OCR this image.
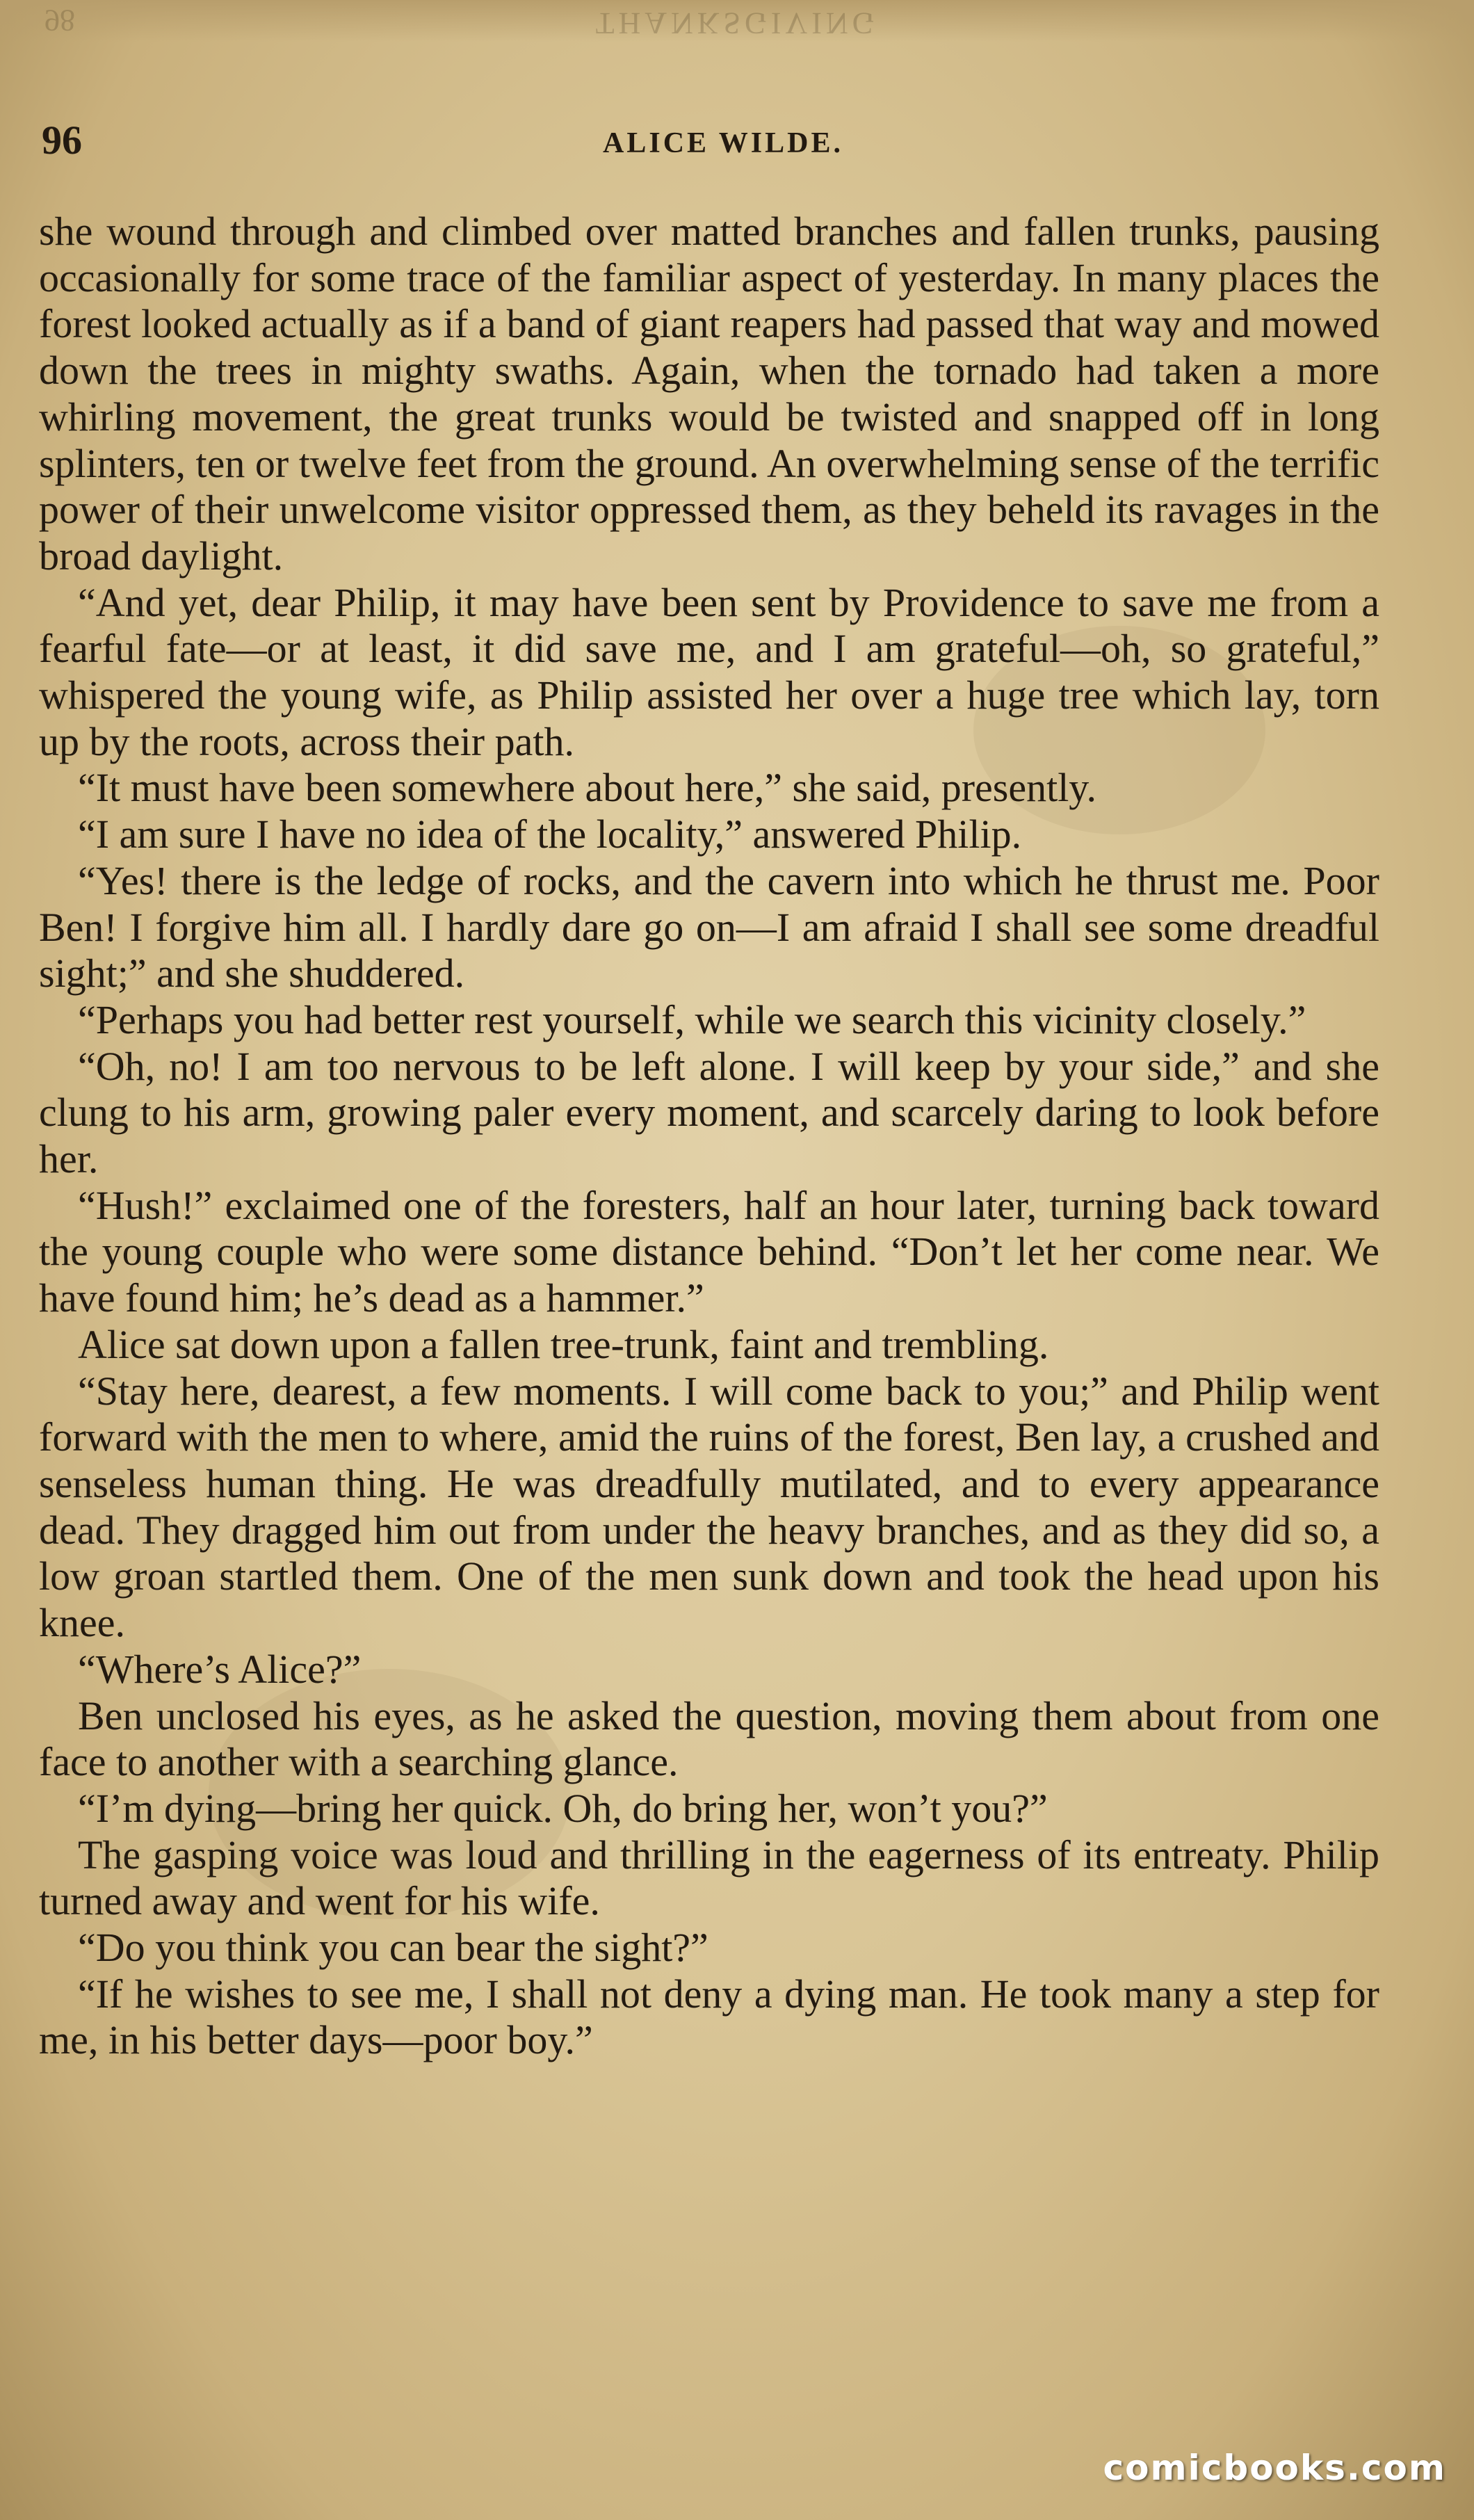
98	THANKSGIVING
96	ALICE WILDE.

she wound through and climbed over matted branches and fallen trunks, pausing occasionally for some trace of the familiar aspect of yesterday. In many places the forest looked actually as if a band of giant reapers had passed that way and mowed down the trees in mighty swaths. Again, when the tornado had taken a more whirling movement, the great trunks would be twisted and snapped off in long splinters, ten or twelve feet from the ground. An overwhelming sense of the terrific power of their unwelcome visitor oppressed them, as they beheld its ravages in the broad daylight.

“And yet, dear Philip, it may have been sent by Providence to save me from a fearful fate—or at least, it did save me, and I am grateful—oh, so grateful,” whispered the young wife, as Philip assisted her over a huge tree which lay, torn up by the roots, across their path.

“It must have been somewhere about here,” she said, presently.

“I am sure I have no idea of the locality,” answered Philip.

“Yes! there is the ledge of rocks, and the cavern into which he thrust me. Poor Ben! I forgive him all. I hardly dare go on—I am afraid I shall see some dreadful sight;” and she shuddered.

“Perhaps you had better rest yourself, while we search this vicinity closely.”

“Oh, no! I am too nervous to be left alone. I will keep by your side,” and she clung to his arm, growing paler every moment, and scarcely daring to look before her.

“Hush!” exclaimed one of the foresters, half an hour later, turning back toward the young couple who were some distance behind. “Don’t let her come near. We have found him; he’s dead as a hammer.”

Alice sat down upon a fallen tree-trunk, faint and trembling.

“Stay here, dearest, a few moments. I will come back to you;” and Philip went forward with the men to where, amid the ruins of the forest, Ben lay, a crushed and senseless human thing. He was dreadfully mutilated, and to every appearance dead. They dragged him out from under the heavy branches, and as they did so, a low groan startled them. One of the men sunk down and took the head upon his knee.

“Where’s Alice?”

Ben unclosed his eyes, as he asked the question, moving them about from one face to another with a searching glance.

“I’m dying—bring her quick. Oh, do bring her, won’t you?”

The gasping voice was loud and thrilling in the eagerness of its entreaty. Philip turned away and went for his wife.

“Do you think you can bear the sight?”

“If he wishes to see me, I shall not deny a dying man. He took many a step for me, in his better days—poor boy.”

comicbooks.com
